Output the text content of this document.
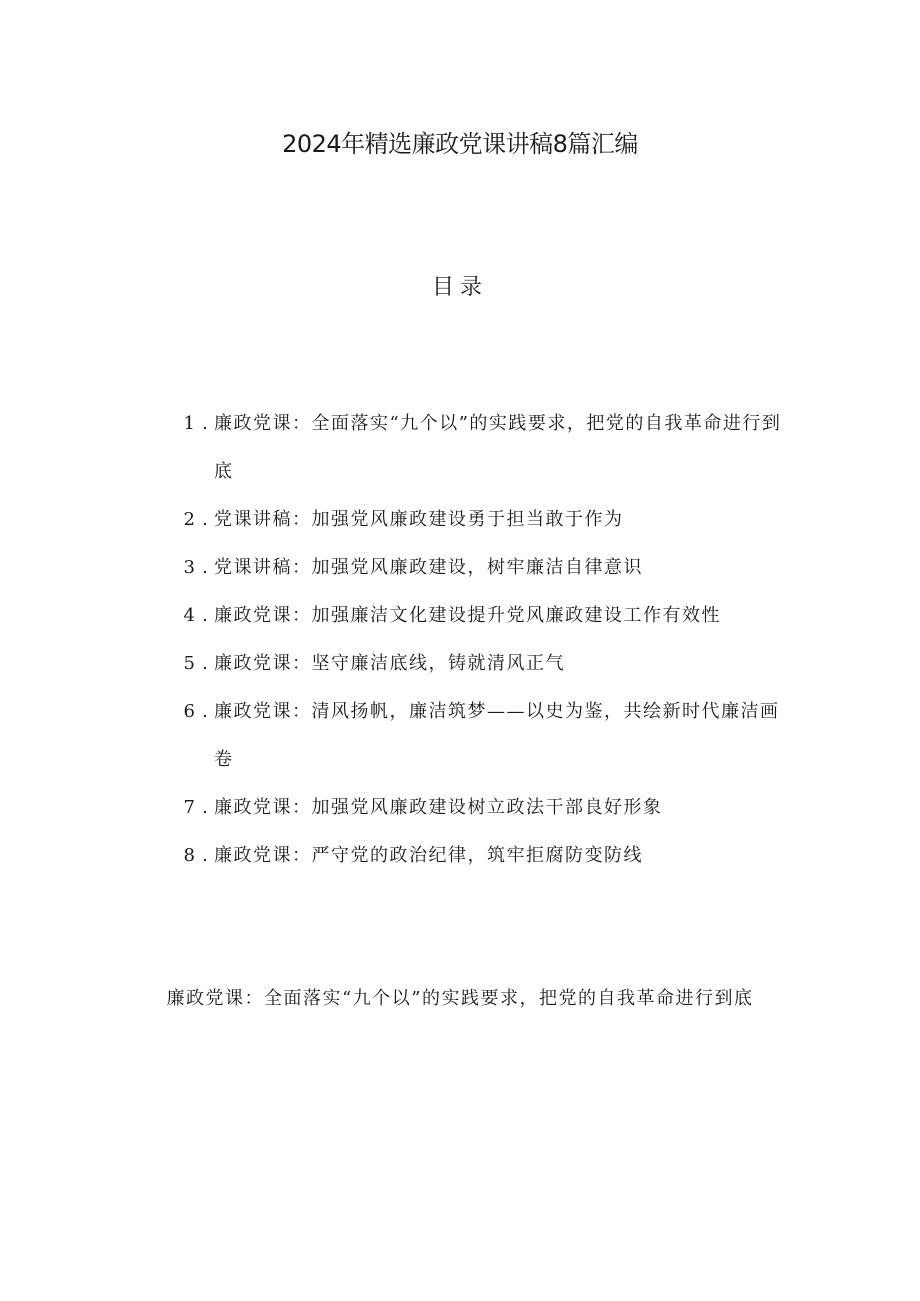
2024年精选廉政党课讲稿8篇汇编
目录
1 . 廉政党课：全面落实“九个以”的实践要求，把党的自我革命进行到底
2 . 党课讲稿：加强党风廉政建设勇于担当敢于作为
3 . 党课讲稿：加强党风廉政建设，树牢廉洁自律意识
4 . 廉政党课：加强廉洁文化建设提升党风廉政建设工作有效性
5 . 廉政党课：坚守廉洁底线，铸就清风正气
6 . 廉政党课：清风扬帆，廉洁筑梦——以史为鉴，共绘新时代廉洁画卷
7 . 廉政党课：加强党风廉政建设树立政法干部良好形象
8 . 廉政党课：严守党的政治纪律，筑牢拒腐防变防线
廉政党课：全面落实“九个以”的实践要求，把党的自我革命进行到底
